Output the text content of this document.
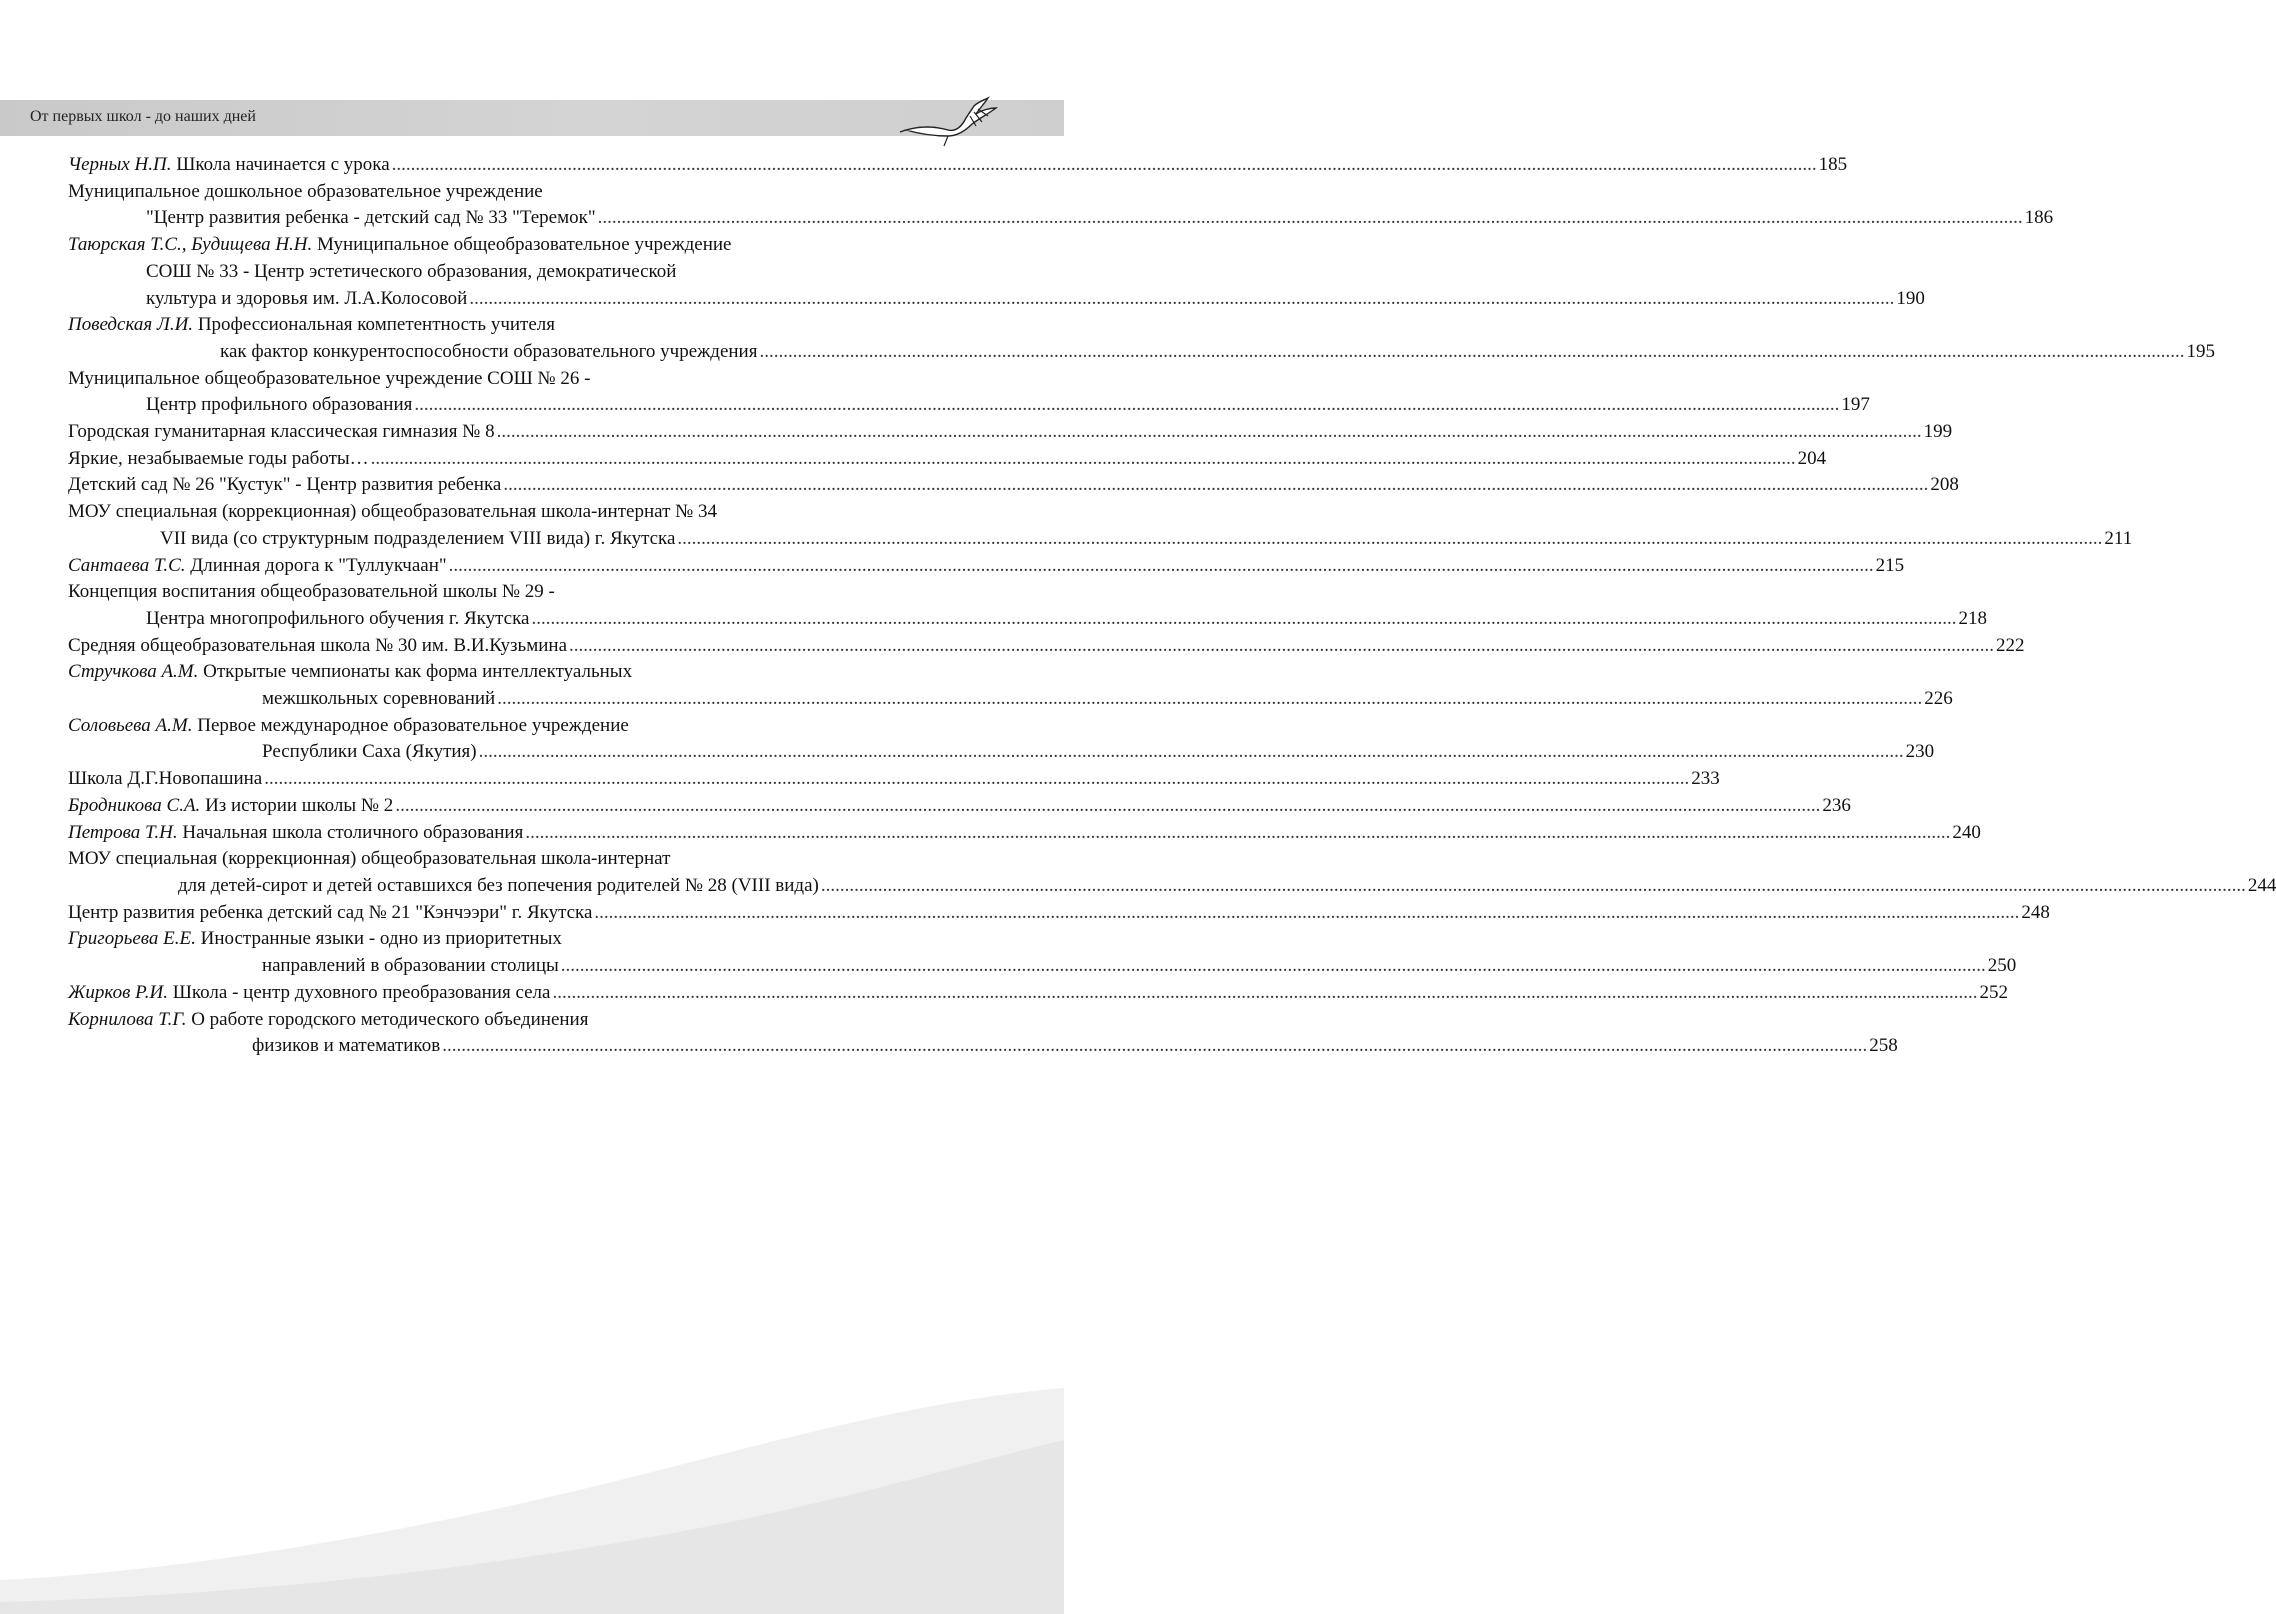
От первых школ - до наших дней
Черных Н.П. Школа начинается с урока ............................................................................................................................................................................................................................................................................................................ 185
Муниципальное дошкольное образовательное учреждение
"Центр развития ребенка - детский сад № 33 "Теремок" ............................................................................................................................................................................................................................................................................................................ 186
Таюрская Т.С., Будищева Н.Н. Муниципальное общеобразовательное учреждение
СОШ № 33 - Центр эстетического образования, демократической
культура и здоровья им. Л.А.Колосовой ............................................................................................................................................................................................................................................................................................................ 190
Поведская Л.И. Профессиональная компетентность учителя
как фактор конкурентоспособности образовательного учреждения ............................................................................................................................................................................................................................................................................................................ 195
Муниципальное общеобразовательное учреждение СОШ № 26 -
Центр профильного образования ............................................................................................................................................................................................................................................................................................................ 197
Городская гуманитарная классическая гимназия № 8 ............................................................................................................................................................................................................................................................................................................ 199
Яркие, незабываемые годы работы… ............................................................................................................................................................................................................................................................................................................ 204
Детский сад № 26 "Кустук" - Центр развития ребенка ............................................................................................................................................................................................................................................................................................................ 208
МОУ специальная (коррекционная) общеобразовательная школа-интернат № 34
VII вида (со структурным подразделением VIII вида) г. Якутска ............................................................................................................................................................................................................................................................................................................ 211
Сантаева Т.С. Длинная дорога к "Туллукчаан" ............................................................................................................................................................................................................................................................................................................ 215
Концепция воспитания общеобразовательной школы № 29 -
Центра многопрофильного обучения г. Якутска ............................................................................................................................................................................................................................................................................................................ 218
Средняя общеобразовательная школа № 30 им. В.И.Кузьмина ............................................................................................................................................................................................................................................................................................................ 222
Стручкова А.М. Открытые чемпионаты как форма интеллектуальных
межшкольных соревнований ............................................................................................................................................................................................................................................................................................................ 226
Соловьева А.М. Первое международное образовательное учреждение
Республики Саха (Якутия) ............................................................................................................................................................................................................................................................................................................ 230
Школа Д.Г.Новопашина ............................................................................................................................................................................................................................................................................................................ 233
Бродникова С.А. Из истории школы № 2 ............................................................................................................................................................................................................................................................................................................ 236
Петрова Т.Н. Начальная школа столичного образования ............................................................................................................................................................................................................................................................................................................ 240
МОУ специальная (коррекционная) общеобразовательная школа-интернат
для детей-сирот и детей оставшихся без попечения родителей № 28 (VIII вида) ............................................................................................................................................................................................................................................................................................................ 244
Центр развития ребенка детский сад № 21 "Кэнчээри" г. Якутска ............................................................................................................................................................................................................................................................................................................ 248
Григорьева Е.Е. Иностранные языки - одно из приоритетных
направлений в образовании столицы ............................................................................................................................................................................................................................................................................................................ 250
Жирков Р.И. Школа - центр духовного преобразования села ............................................................................................................................................................................................................................................................................................................ 252
Корнилова Т.Г. О работе городского методического объединения
физиков и математиков ............................................................................................................................................................................................................................................................................................................ 258
